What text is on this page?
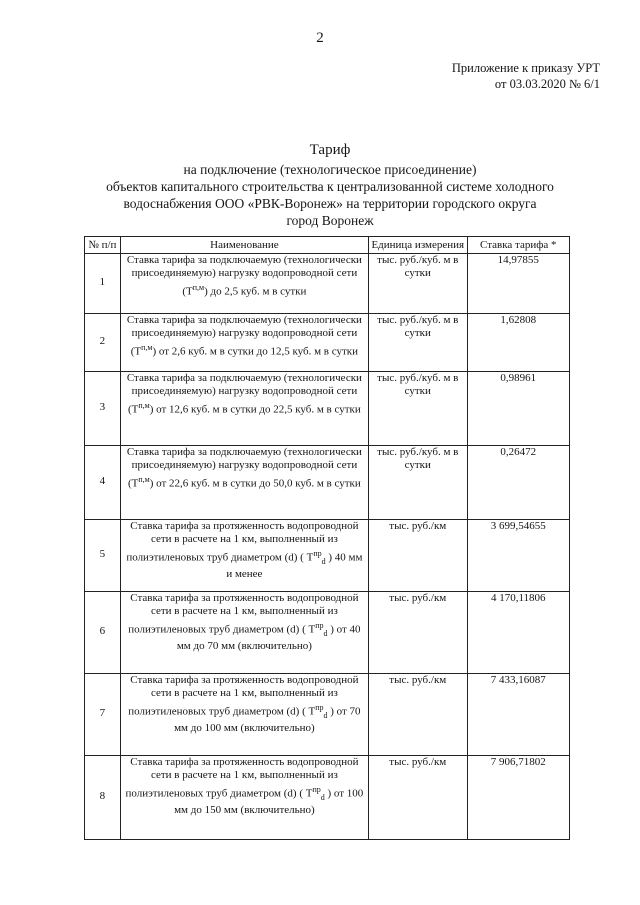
2
Приложение к приказу УРТ
от 03.03.2020 № 6/1
Тариф
на подключение (технологическое присоединение)
объектов капитального строительства к централизованной системе холодного
водоснабжения ООО «РВК-Воронеж» на территории городского округа
город Воронеж
№ п/п	Наименование	Единица измерения	Ставка тарифа *
1	Ставка тарифа за подключаемую (технологически присоединяемую) нагрузку водопроводной сети $(T^{п,м})$ до 2,5 куб. м в сутки	тыс. руб./куб. м в сутки	14,97855
2	Ставка тарифа за подключаемую (технологически присоединяемую) нагрузку водопроводной сети $(T^{п,м})$ от 2,6 куб. м в сутки до 12,5 куб. м в сутки	тыс. руб./куб. м в сутки	1,62808
3	Ставка тарифа за подключаемую (технологически присоединяемую) нагрузку водопроводной сети $(T^{п,м})$ от 12,6 куб. м в сутки до 22,5 куб. м в сутки	тыс. руб./куб. м в сутки	0,98961
4	Ставка тарифа за подключаемую (технологически присоединяемую) нагрузку водопроводной сети $(T^{п,м})$ от 22,6 куб. м в сутки до 50,0 куб. м в сутки	тыс. руб./куб. м в сутки	0,26472
5	Ставка тарифа за протяженность водопроводной сети в расчете на 1 км, выполненный из полиэтиленовых труб диаметром (d) ( $T^{пр}_d$ ) 40 мм и менее	тыс. руб./км	3 699,54655
6	Ставка тарифа за протяженность водопроводной сети в расчете на 1 км, выполненный из полиэтиленовых труб диаметром (d) ( $T^{пр}_d$ ) от 40 мм до 70 мм (включительно)	тыс. руб./км	4 170,11806
7	Ставка тарифа за протяженность водопроводной сети в расчете на 1 км, выполненный из полиэтиленовых труб диаметром (d) ( $T^{пр}_d$ ) от 70 мм до 100 мм (включительно)	тыс. руб./км	7 433,16087
8	Ставка тарифа за протяженность водопроводной сети в расчете на 1 км, выполненный из полиэтиленовых труб диаметром (d) ( $T^{пр}_d$ ) от 100 мм до 150 мм (включительно)	тыс. руб./км	7 906,71802
